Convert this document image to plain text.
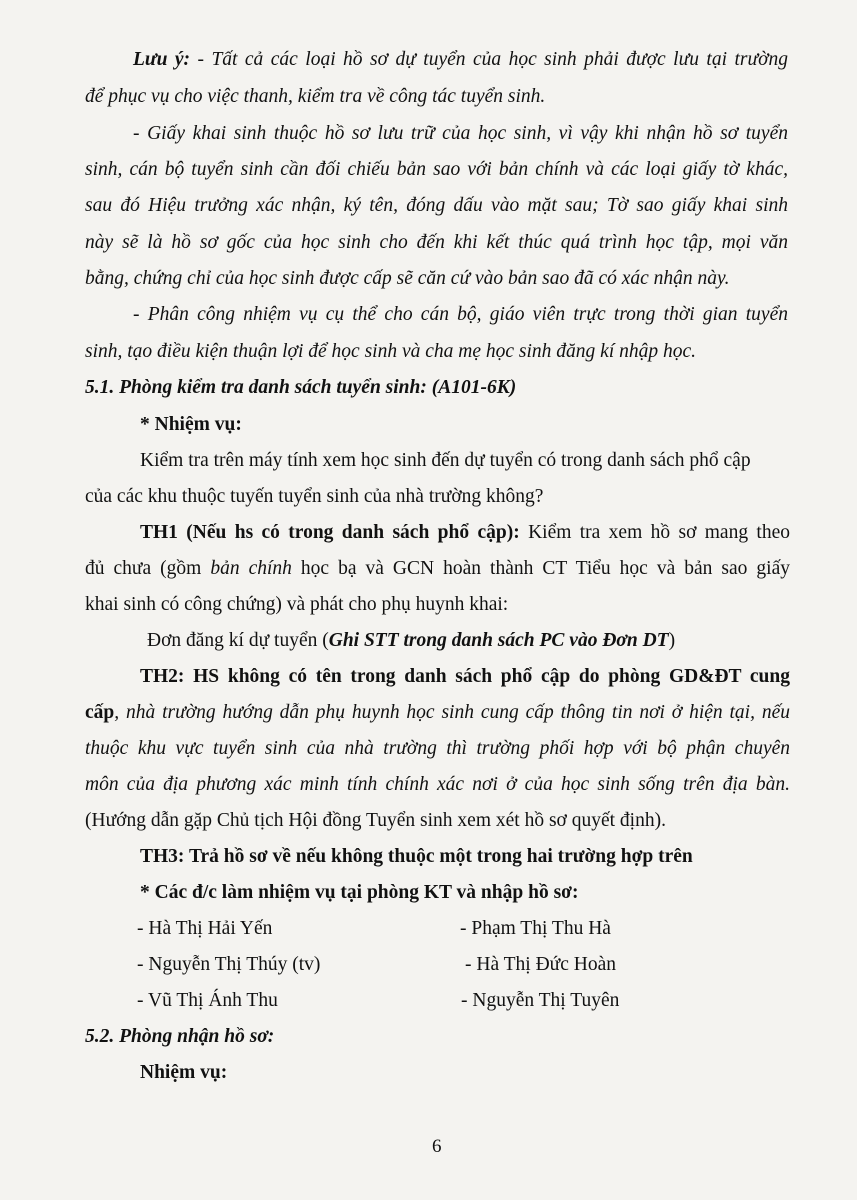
Lưu ý: - Tất cả các loại hồ sơ dự tuyển của học sinh phải được lưu tại trường
để phục vụ cho việc thanh, kiểm tra về công tác tuyển sinh.
- Giấy khai sinh thuộc hồ sơ lưu trữ của học sinh, vì vậy khi nhận hồ sơ tuyển
sinh, cán bộ tuyển sinh cần đối chiếu bản sao với bản chính và các loại giấy tờ khác,
sau đó Hiệu trưởng xác nhận, ký tên, đóng dấu vào mặt sau; Tờ sao giấy khai sinh
này sẽ là hồ sơ gốc của học sinh cho đến khi kết thúc quá trình học tập, mọi văn
bằng, chứng chỉ của học sinh được cấp sẽ căn cứ vào bản sao đã có xác nhận này.
- Phân công nhiệm vụ cụ thể cho cán bộ, giáo viên trực trong thời gian tuyển
sinh, tạo điều kiện thuận lợi để học sinh và cha mẹ học sinh đăng kí nhập học.
5.1. Phòng kiểm tra danh sách tuyển sinh: (A101-6K)
* Nhiệm vụ:
Kiểm tra trên máy tính xem học sinh đến dự tuyển có trong danh sách phổ cập
của các khu thuộc tuyến tuyển sinh của nhà trường không?
TH1 (Nếu hs có trong danh sách phổ cập): Kiểm tra xem hồ sơ mang theo
đủ chưa (gồm bản chính học bạ và GCN hoàn thành CT Tiểu học và bản sao giấy
khai sinh có công chứng) và phát cho phụ huynh khai:
Đơn đăng kí dự tuyển (Ghi STT trong danh sách PC vào Đơn DT)
TH2: HS không có tên trong danh sách phổ cập do phòng GD&ĐT cung
cấp, nhà trường hướng dẫn phụ huynh học sinh cung cấp thông tin nơi ở hiện tại, nếu
thuộc khu vực tuyển sinh của nhà trường thì trường phối hợp với bộ phận chuyên
môn của địa phương xác minh tính chính xác nơi ở của học sinh sống trên địa bàn.
(Hướng dẫn gặp Chủ tịch Hội đồng Tuyển sinh xem xét hồ sơ quyết định).
TH3: Trả hồ sơ về nếu không thuộc một trong hai trường hợp trên
* Các đ/c làm nhiệm vụ tại phòng KT và nhập hồ sơ:
- Hà Thị Hải Yến	- Phạm Thị Thu Hà
- Nguyễn Thị Thúy (tv)	- Hà Thị Đức Hoàn
- Vũ Thị Ánh Thu	- Nguyễn Thị Tuyên
5.2. Phòng nhận hồ sơ:
Nhiệm vụ:
6
